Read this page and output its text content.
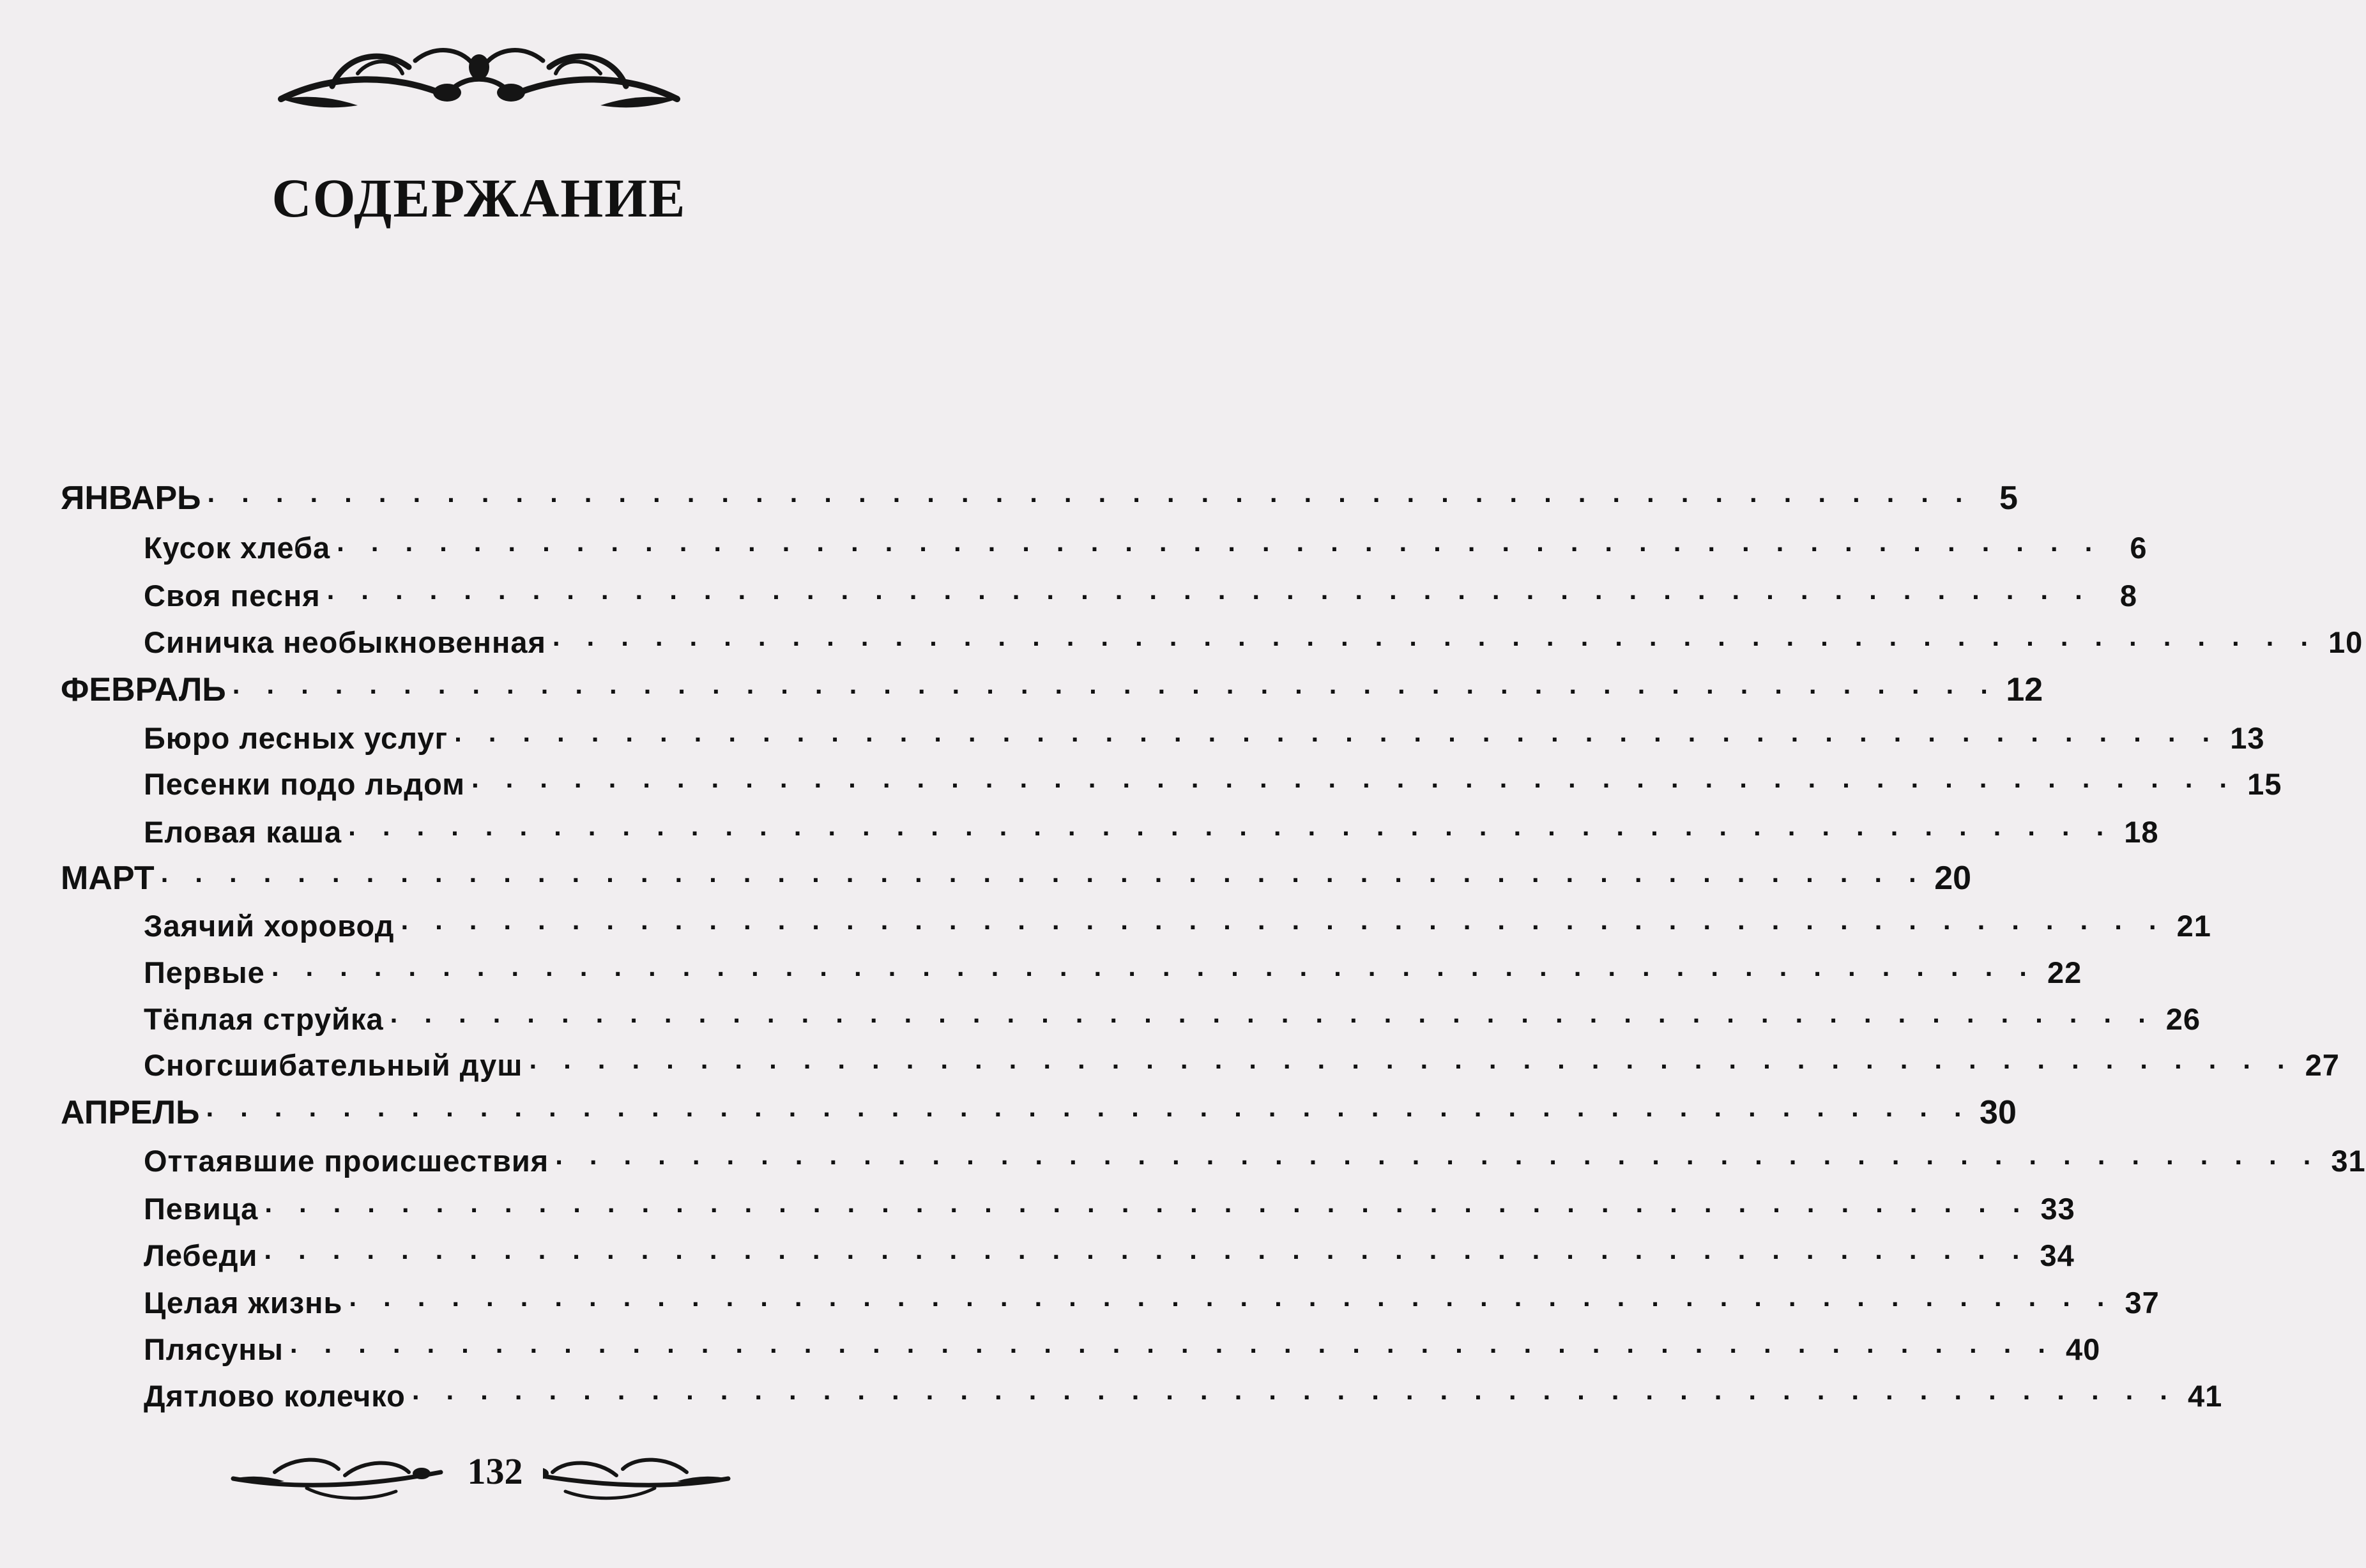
СОДЕРЖАНИЕ
ЯНВАРЬ · · · · · · · · · · · · · · · · · · · · · · · · · · · · · · · · · · · · · · · · · · · · · · · · · · · · 5
Кусок хлеба · · · · · · · · · · · · · · · · · · · · · · · · · · · · · · · · · · · · · · · · · · · · · · · · · · · · 6
Своя песня · · · · · · · · · · · · · · · · · · · · · · · · · · · · · · · · · · · · · · · · · · · · · · · · · · · · 8
Синичка необыкновенная · · · · · · · · · · · · · · · · · · · · · · · · · · · · · · · · · · · · · · · · · · · · · · · · · · · · 10
ФЕВРАЛЬ · · · · · · · · · · · · · · · · · · · · · · · · · · · · · · · · · · · · · · · · · · · · · · · · · · · · 12
Бюро лесных услуг · · · · · · · · · · · · · · · · · · · · · · · · · · · · · · · · · · · · · · · · · · · · · · · · · · · · 13
Песенки подо льдом · · · · · · · · · · · · · · · · · · · · · · · · · · · · · · · · · · · · · · · · · · · · · · · · · · · · 15
Еловая каша · · · · · · · · · · · · · · · · · · · · · · · · · · · · · · · · · · · · · · · · · · · · · · · · · · · · 18
МАРТ · · · · · · · · · · · · · · · · · · · · · · · · · · · · · · · · · · · · · · · · · · · · · · · · · · · · 20
Заячий хоровод · · · · · · · · · · · · · · · · · · · · · · · · · · · · · · · · · · · · · · · · · · · · · · · · · · · · 21
Первые · · · · · · · · · · · · · · · · · · · · · · · · · · · · · · · · · · · · · · · · · · · · · · · · · · · · 22
Тёплая струйка · · · · · · · · · · · · · · · · · · · · · · · · · · · · · · · · · · · · · · · · · · · · · · · · · · · · 26
Сногсшибательный душ · · · · · · · · · · · · · · · · · · · · · · · · · · · · · · · · · · · · · · · · · · · · · · · · · · · · 27
АПРЕЛЬ · · · · · · · · · · · · · · · · · · · · · · · · · · · · · · · · · · · · · · · · · · · · · · · · · · · · 30
Оттаявшие происшествия · · · · · · · · · · · · · · · · · · · · · · · · · · · · · · · · · · · · · · · · · · · · · · · · · · · · 31
Певица · · · · · · · · · · · · · · · · · · · · · · · · · · · · · · · · · · · · · · · · · · · · · · · · · · · · 33
Лебеди · · · · · · · · · · · · · · · · · · · · · · · · · · · · · · · · · · · · · · · · · · · · · · · · · · · · 34
Целая жизнь · · · · · · · · · · · · · · · · · · · · · · · · · · · · · · · · · · · · · · · · · · · · · · · · · · · · 37
Плясуны · · · · · · · · · · · · · · · · · · · · · · · · · · · · · · · · · · · · · · · · · · · · · · · · · · · · 40
Дятлово колечко · · · · · · · · · · · · · · · · · · · · · · · · · · · · · · · · · · · · · · · · · · · · · · · · · · · · 41
132
